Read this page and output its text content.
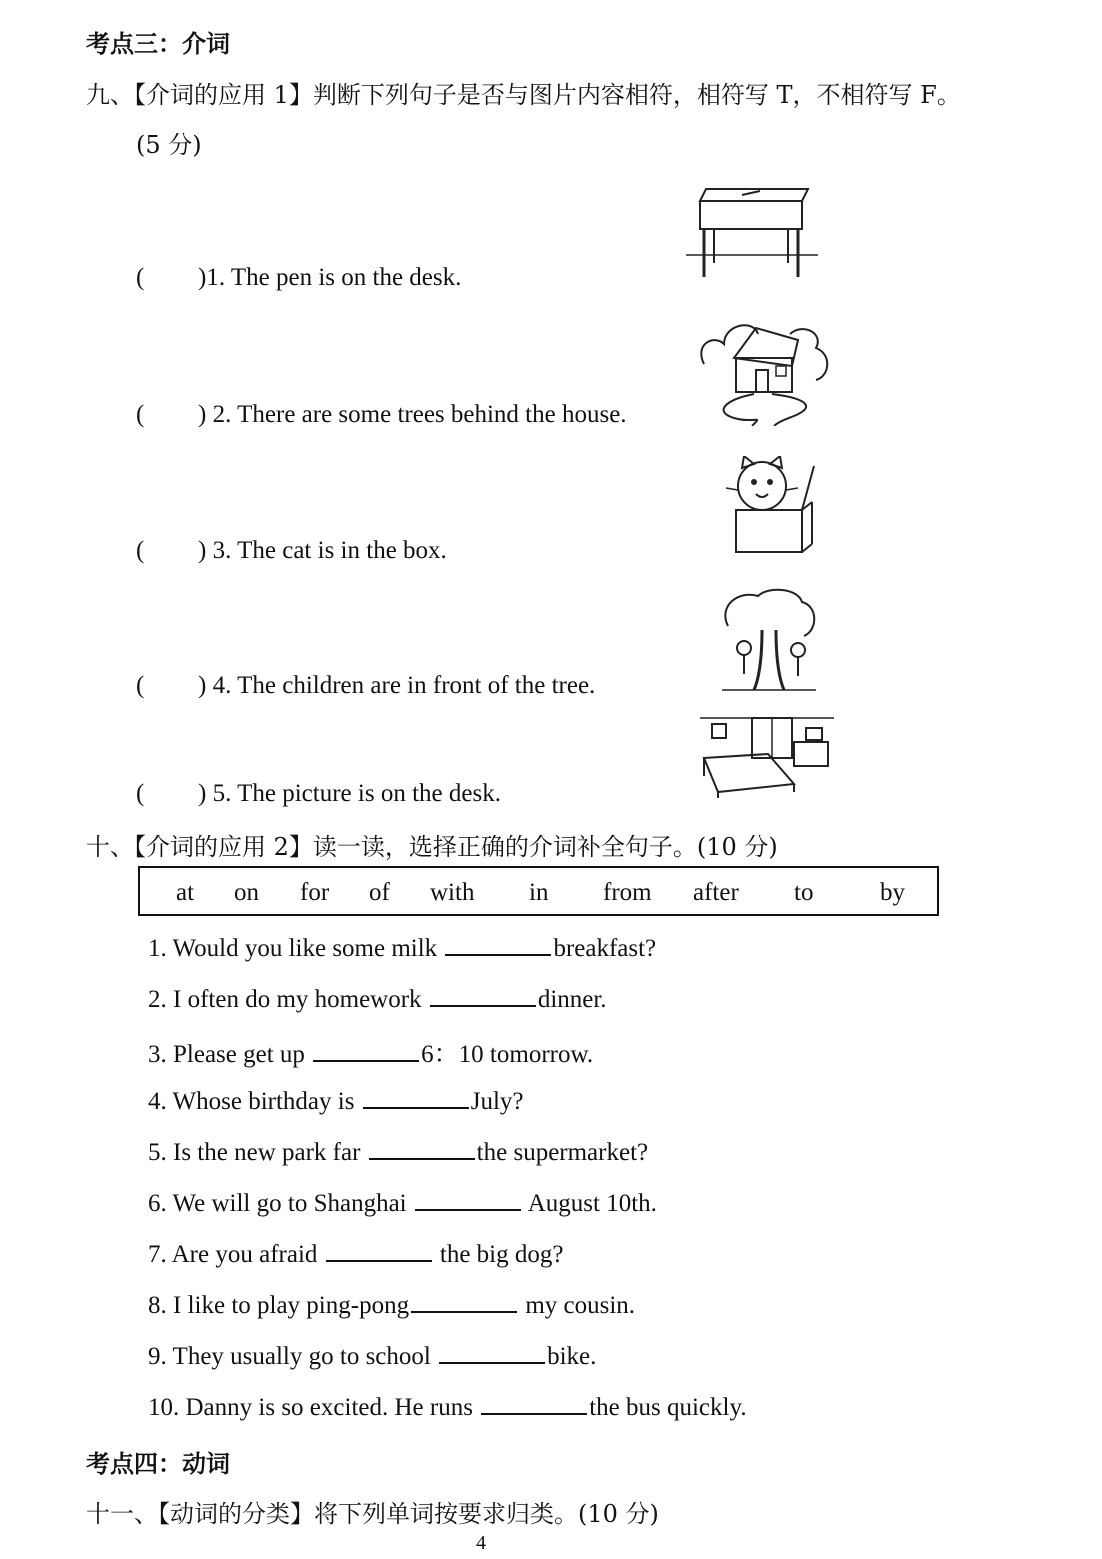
考点三：介词
九、【介词的应用 1】判断下列句子是否与图片内容相符，相符写 T，不相符写 F。
(5 分)
( )1. The pen is on the desk.
( ) 2. There are some trees behind the house.
( ) 3. The cat is in the box.
( ) 4. The children are in front of the tree.
( ) 5. The picture is on the desk.
十、【介词的应用 2】读一读，选择正确的介词补全句子。(10 分)
at on for of with in from after to	by
1. Would you like some milk	breakfast?
2. I often do my homework	dinner.
3. Please get up	6：10 tomorrow.
4. Whose birthday is	July?
5. Is the new park far	the supermarket?
6. We will go to Shanghai	August 10th.
7. Are you afraid	the big dog?
8. I like to play ping-pong	my cousin.
9. They usually go to school	bike.
10. Danny is so excited. He runs	the bus quickly.
考点四：动词
十一、【动词的分类】将下列单词按要求归类。(10 分)
4
